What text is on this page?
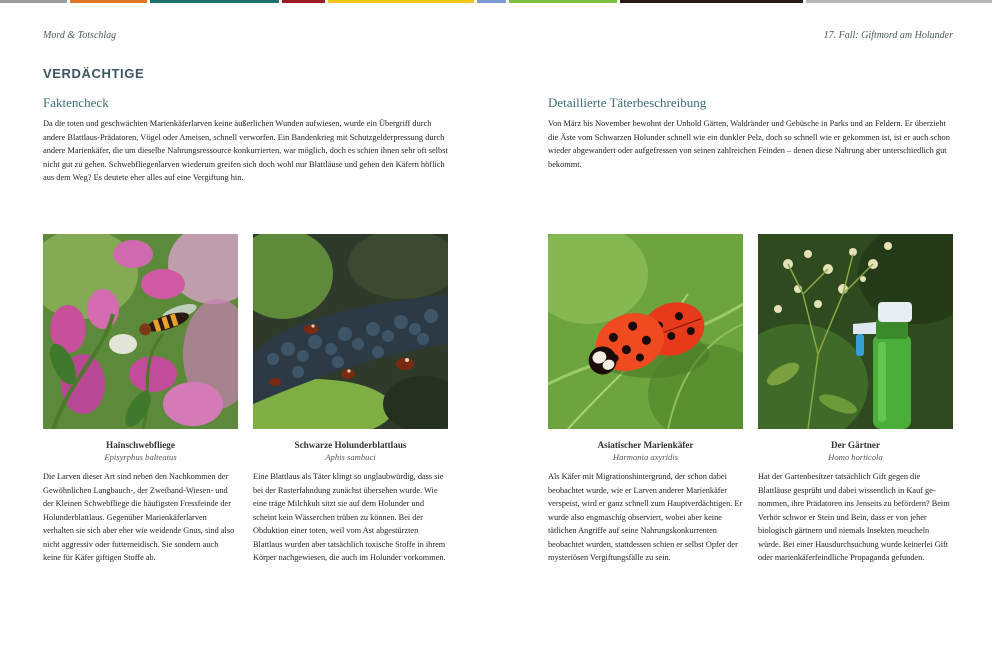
Mord & Totschlag	17. Fall: Giftmord am Holunder
VERDÄCHTIGE
Faktencheck
Da die toten und geschwächten Marienkäferlarven keine äußerlichen Wunden aufwiesen, wurde ein Übergriff durch andere Blattlaus-Prädatoren, Vögel oder Ameisen, schnell verworfen. Ein Bandenkrieg mit Schutzgelderpressung durch andere Marienkäfer, die um dieselbe Nahrungsressource konkurrierten, war möglich, doch es schien ihnen sehr oft selbst nicht gut zu gehen. Schwebfliegenlarven wiederum greifen sich doch wohl nur Blattläuse und gehen den Käfern höflich aus dem Weg? Es deutete eher alles auf eine Vergiftung hin.
Detaillierte Täterbeschreibung
Von März bis November bewohnt der Unhold Gärten, Waldränder und Gebüsche in Parks und an Feldern. Er überzieht die Äste vom Schwarzen Holunder schnell wie ein dunkler Pelz, doch so schnell wie er gekommen ist, ist er auch schon wieder abgewandert oder aufgefressen von seinen zahlreichen Feinden – denen diese Nahrung aber unterschiedlich gut bekommt.
Hainschwebfliege
Episyrphus balteatus
Die Larven dieser Art sind neben den Nachkommen der Gewöhnlichen Langbauch-, der Zweiband-Wiesen- und der Kleinen Schwebfliege die häufigsten Fressfeinde der Holunderblattlaus. Gegenüber Marienkäferlarven verhalten sie sich aber eher wie weidende Gnus, sind also nicht aggressiv oder futterneidisch. Sie sondern auch keine für Käfer giftigen Stoffe ab.
Schwarze Holunderblattlaus
Aphis sambuci
Eine Blattlaus als Täter klingt so unglaubwürdig, dass sie bei der Rasterfahndung zunächst übersehen wurde. Wie eine träge Milchkuh sitzt sie auf dem Holunder und scheint kein Wässerchen trüben zu können. Bei der Obduktion einer toten, weil vom Ast abgestürzten Blattlaus wurden aber tatsächlich toxische Stoffe in ihrem Körper nachgewiesen, die auch im Holunder vorkommen.
Asiatischer Marienkäfer
Harmonia axyridis
Als Käfer mit Migrationshintergrund, der schon dabei beobachtet wurde, wie er Larven anderer Marienkäfer verspeist, wird er ganz schnell zum Hauptverdächtigen. Er wurde also engmaschig observiert, wobei aber keine tätlichen Angriffe auf seine Nahrungskonkurrenten beobachtet wurden, stattdessen schien er selbst Opfer der mysteriösen Vergiftungsfälle zu sein.
Der Gärtner
Homo horticola
Hat der Gartenbesitzer tatsächlich Gift gegen die Blattläuse gesprüht und dabei wissentlich in Kauf genommen, ihre Prädatoren ins Jenseits zu befördern? Beim Verhör schwor er Stein und Bein, dass er von jeher biologisch gärtnern und niemals Insekten meucheln würde. Bei einer Hausdurchsuchung wurde keinerlei Gift oder marienkäferfeindliche Propaganda gefunden.
